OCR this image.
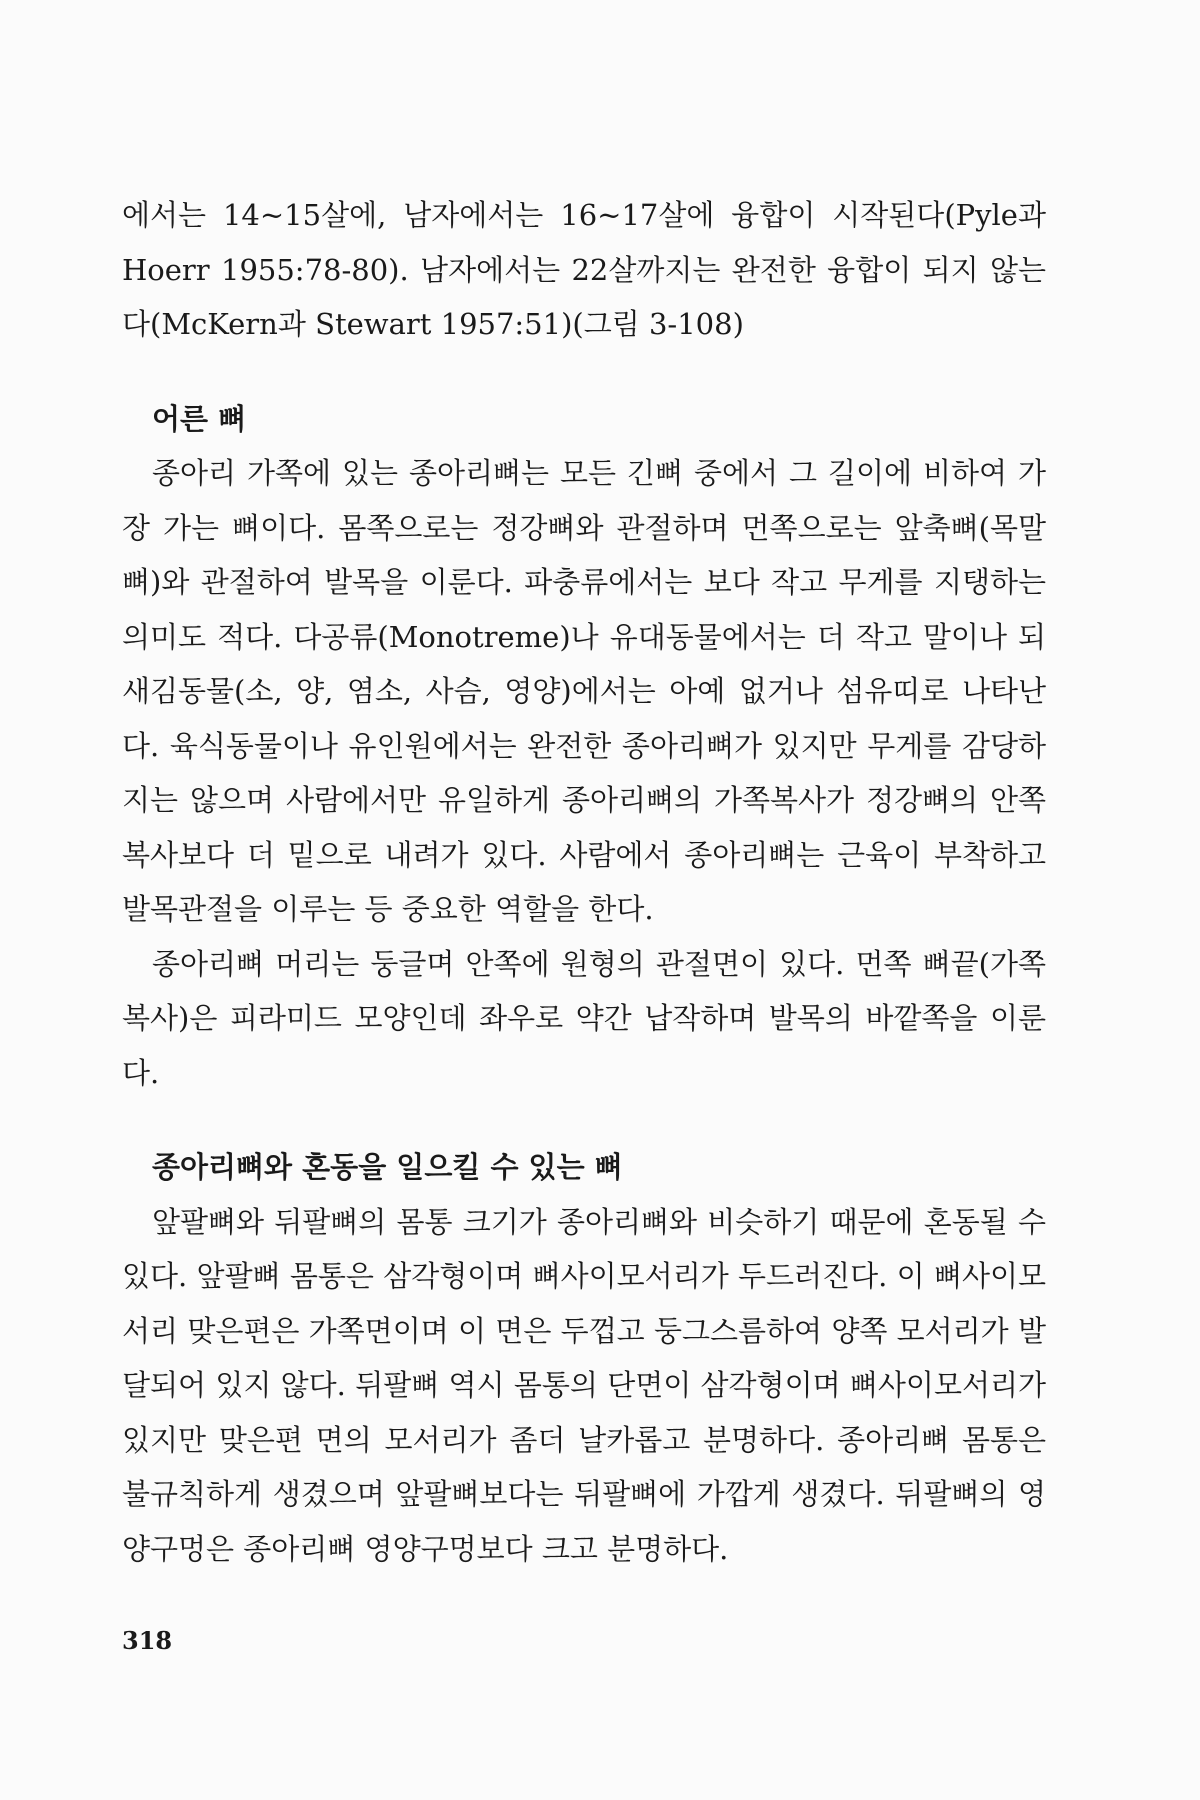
에서는 14~15살에, 남자에서는 16~17살에 융합이 시작된다(Pyle과 Hoerr 1955:78-80). 남자에서는 22살까지는 완전한 융합이 되지 않는다(McKern과 Stewart 1957:51)(그림 3-108)

어른 뼈

종아리 가쪽에 있는 종아리뼈는 모든 긴뼈 중에서 그 길이에 비하여 가장 가는 뼈이다. 몸쪽으로는 정강뼈와 관절하며 먼쪽으로는 앞축뼈(목말뼈)와 관절하여 발목을 이룬다. 파충류에서는 보다 작고 무게를 지탱하는 의미도 적다. 다공류(Monotreme)나 유대동물에서는 더 작고 말이나 되새김동물(소, 양, 염소, 사슴, 영양)에서는 아예 없거나 섬유띠로 나타난다. 육식동물이나 유인원에서는 완전한 종아리뼈가 있지만 무게를 감당하지는 않으며 사람에서만 유일하게 종아리뼈의 가쪽복사가 정강뼈의 안쪽복사보다 더 밑으로 내려가 있다. 사람에서 종아리뼈는 근육이 부착하고 발목관절을 이루는 등 중요한 역할을 한다.

종아리뼈 머리는 둥글며 안쪽에 원형의 관절면이 있다. 먼쪽 뼈끝(가쪽복사)은 피라미드 모양인데 좌우로 약간 납작하며 발목의 바깥쪽을 이룬다.

종아리뼈와 혼동을 일으킬 수 있는 뼈

앞팔뼈와 뒤팔뼈의 몸통 크기가 종아리뼈와 비슷하기 때문에 혼동될 수 있다. 앞팔뼈 몸통은 삼각형이며 뼈사이모서리가 두드러진다. 이 뼈사이모서리 맞은편은 가쪽면이며 이 면은 두껍고 둥그스름하여 양쪽 모서리가 발달되어 있지 않다. 뒤팔뼈 역시 몸통의 단면이 삼각형이며 뼈사이모서리가 있지만 맞은편 면의 모서리가 좀더 날카롭고 분명하다. 종아리뼈 몸통은 불규칙하게 생겼으며 앞팔뼈보다는 뒤팔뼈에 가깝게 생겼다. 뒤팔뼈의 영양구멍은 종아리뼈 영양구멍보다 크고 분명하다.

318
